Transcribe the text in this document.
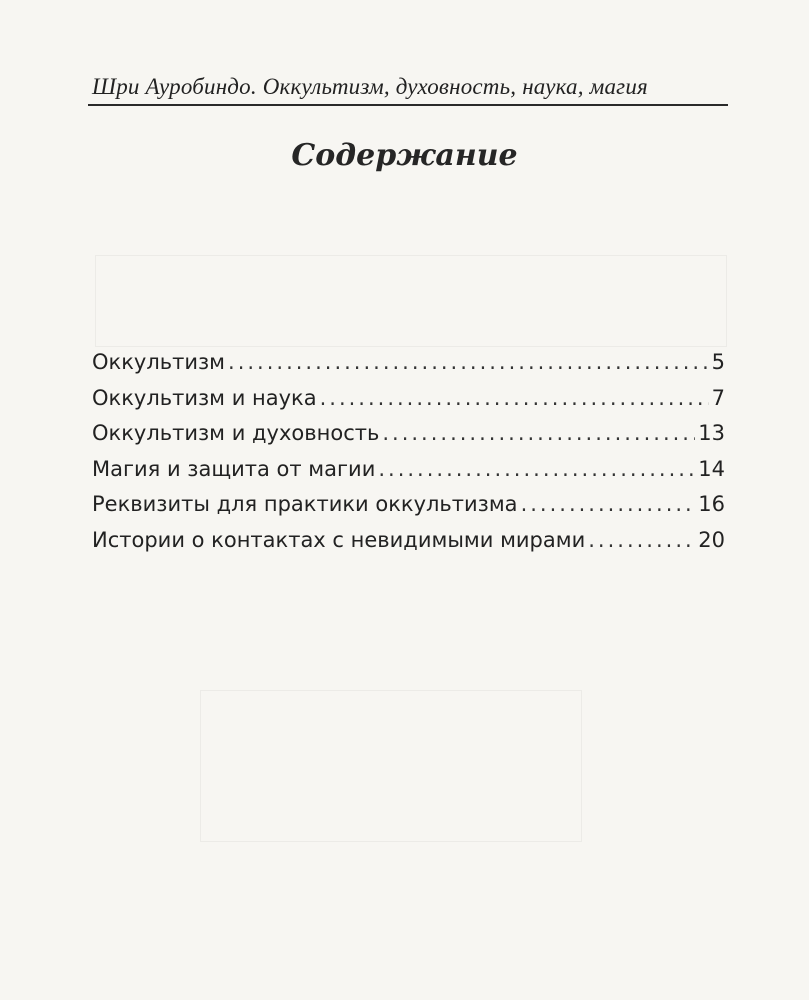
Шри Ауробиндо. Оккультизм, духовность, наука, магия
Содержание
Оккультизм .....	5
Оккультизм и наука .....	7
Оккультизм и духовность .....	13
Магия и защита от магии .....	14
Реквизиты для практики оккультизма .....	16
Истории о контактах с невидимыми мирами .....	20
